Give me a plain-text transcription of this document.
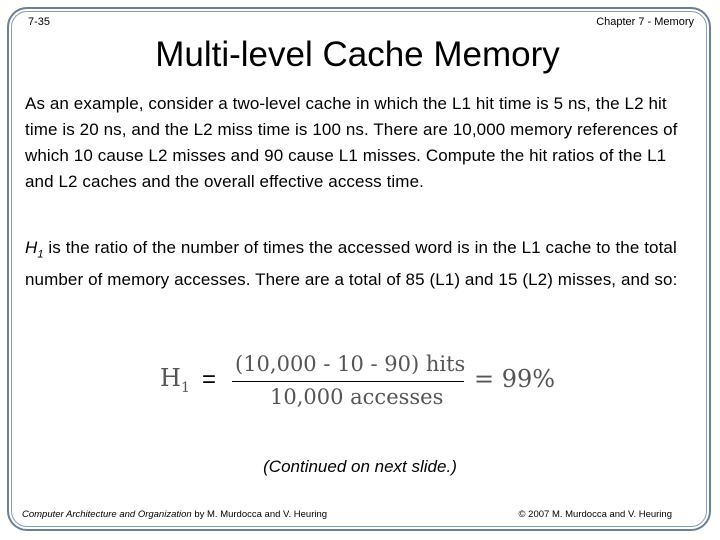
7-35	Chapter 7 - Memory
Multi-level Cache Memory

As an example, consider a two-level cache in which the L1 hit time is 5 ns, the L2 hit time is 20 ns, and the L2 miss time is 100 ns. There are 10,000 memory references of which 10 cause L2 misses and 90 cause L1 misses. Compute the hit ratios of the L1 and L2 caches and the overall effective access time.

$H_1$ is the ratio of the number of times the accessed word is in the L1 cache to the total number of memory accesses. There are a total of 85 (L1) and 15 (L2) misses, and so:

$H_1$ =
(10,000 - 10 - 90) hits
10,000 accesses
= 99%
(Continued on next slide.)
Computer Architecture and Organization by M. Murdocca and V. Heuring	© 2007 M. Murdocca and V. Heuring
